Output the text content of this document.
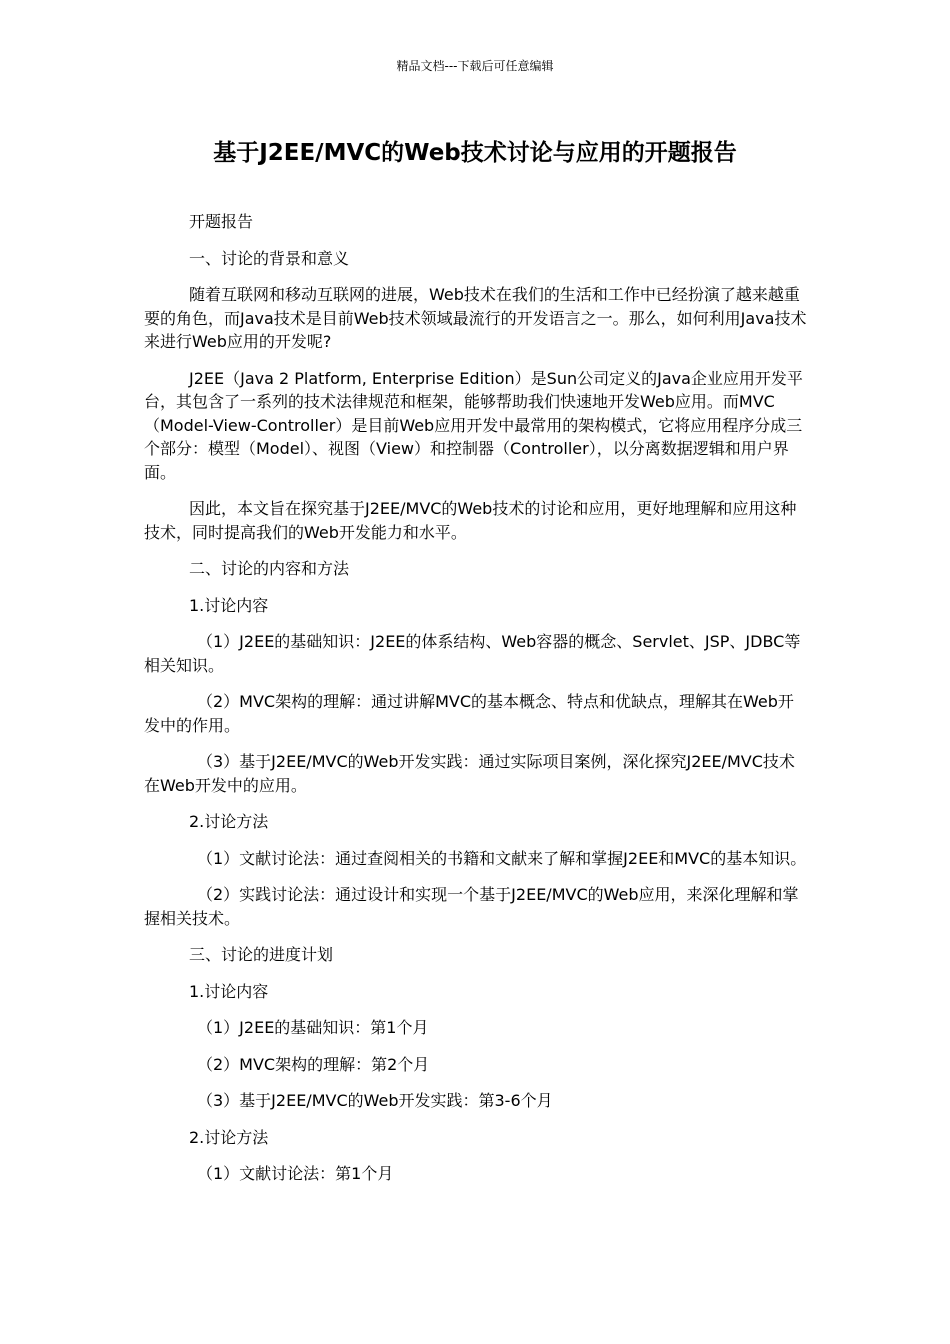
精品文档---下载后可任意编辑
基于J2EE/MVC的Web技术讨论与应用的开题报告

开题报告

一、讨论的背景和意义

随着互联网和移动互联网的进展，Web技术在我们的生活和工作中已经扮演了越来越重要的角色，而Java技术是目前Web技术领域最流行的开发语言之一。那么，如何利用Java技术来进行Web应用的开发呢?

J2EE（Java 2 Platform, Enterprise Edition）是Sun公司定义的Java企业应用开发平台，其包含了一系列的技术法律规范和框架，能够帮助我们快速地开发Web应用。而MVC（Model-View-Controller）是目前Web应用开发中最常用的架构模式，它将应用程序分成三个部分：模型（Model）、视图（View）和控制器（Controller），以分离数据逻辑和用户界面。

因此，本文旨在探究基于J2EE/MVC的Web技术的讨论和应用，更好地理解和应用这种技术，同时提高我们的Web开发能力和水平。

二、讨论的内容和方法

1.讨论内容

（1）J2EE的基础知识：J2EE的体系结构、Web容器的概念、Servlet、JSP、JDBC等相关知识。

（2）MVC架构的理解：通过讲解MVC的基本概念、特点和优缺点，理解其在Web开发中的作用。

（3）基于J2EE/MVC的Web开发实践：通过实际项目案例，深化探究J2EE/MVC技术在Web开发中的应用。

2.讨论方法

（1）文献讨论法：通过查阅相关的书籍和文献来了解和掌握J2EE和MVC的基本知识。

（2）实践讨论法：通过设计和实现一个基于J2EE/MVC的Web应用，来深化理解和掌握相关技术。

三、讨论的进度计划

1.讨论内容

（1）J2EE的基础知识：第1个月

（2）MVC架构的理解：第2个月

（3）基于J2EE/MVC的Web开发实践：第3-6个月

2.讨论方法

（1）文献讨论法：第1个月
